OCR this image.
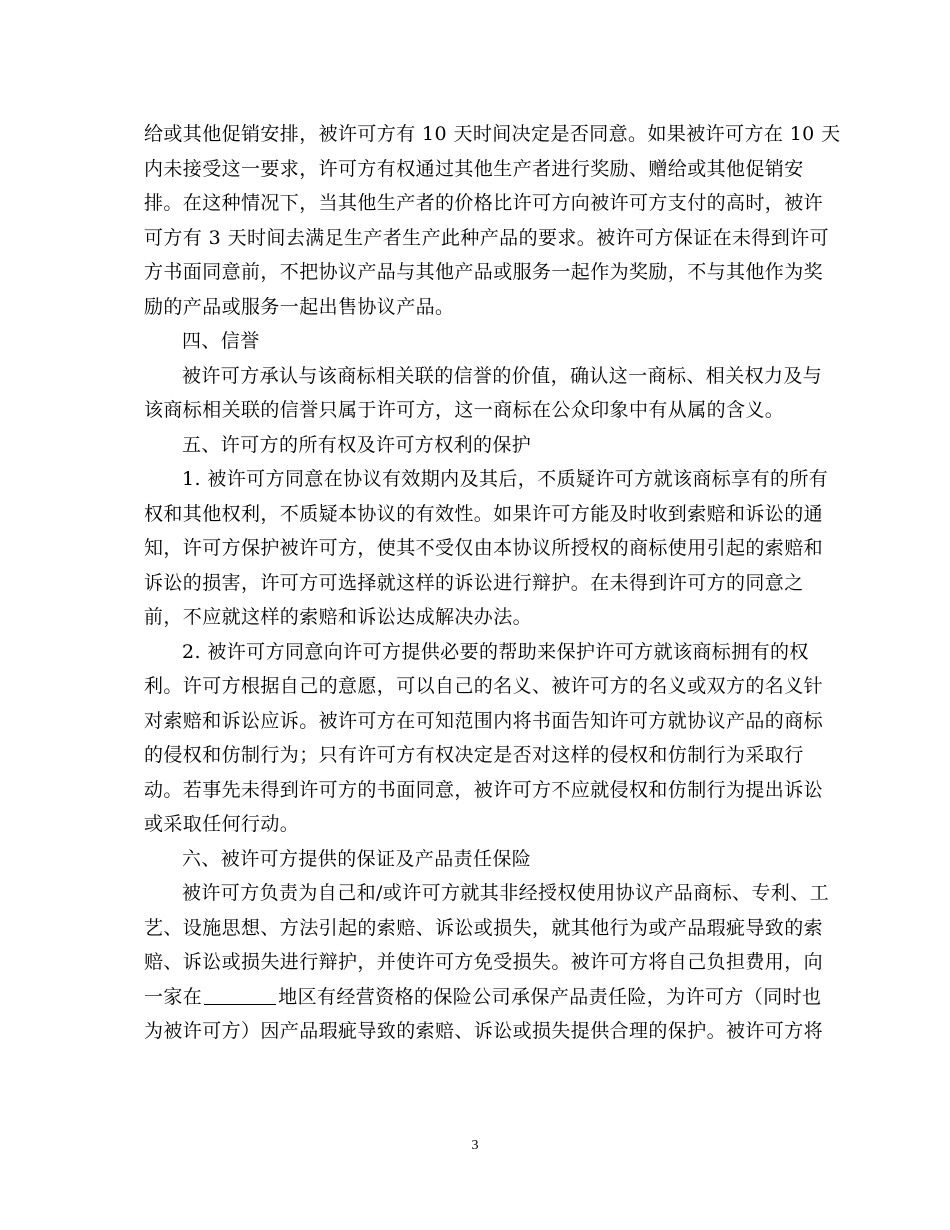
给或其他促销安排，被许可方有 10 天时间决定是否同意。如果被许可方在 10 天
内未接受这一要求，许可方有权通过其他生产者进行奖励、赠给或其他促销安
排。在这种情况下，当其他生产者的价格比许可方向被许可方支付的高时，被许
可方有 3 天时间去满足生产者生产此种产品的要求。被许可方保证在未得到许可
方书面同意前，不把协议产品与其他产品或服务一起作为奖励，不与其他作为奖
励的产品或服务一起出售协议产品。
四、信誉
被许可方承认与该商标相关联的信誉的价值，确认这一商标、相关权力及与
该商标相关联的信誉只属于许可方，这一商标在公众印象中有从属的含义。
五、许可方的所有权及许可方权利的保护
1. 被许可方同意在协议有效期内及其后，不质疑许可方就该商标享有的所有
权和其他权利，不质疑本协议的有效性。如果许可方能及时收到索赔和诉讼的通
知，许可方保护被许可方，使其不受仅由本协议所授权的商标使用引起的索赔和
诉讼的损害，许可方可选择就这样的诉讼进行辩护。在未得到许可方的同意之
前，不应就这样的索赔和诉讼达成解决办法。
2. 被许可方同意向许可方提供必要的帮助来保护许可方就该商标拥有的权
利。许可方根据自己的意愿，可以自己的名义、被许可方的名义或双方的名义针
对索赔和诉讼应诉。被许可方在可知范围内将书面告知许可方就协议产品的商标
的侵权和仿制行为；只有许可方有权决定是否对这样的侵权和仿制行为采取行
动。若事先未得到许可方的书面同意，被许可方不应就侵权和仿制行为提出诉讼
或采取任何行动。
六、被许可方提供的保证及产品责任保险
被许可方负责为自己和/或许可方就其非经授权使用协议产品商标、专利、工
艺、设施思想、方法引起的索赔、诉讼或损失，就其他行为或产品瑕疵导致的索
赔、诉讼或损失进行辩护，并使许可方免受损失。被许可方将自己负担费用，向
一家在	地区有经营资格的保险公司承保产品责任险，为许可方（同时也
为被许可方）因产品瑕疵导致的索赔、诉讼或损失提供合理的保护。被许可方将
3
